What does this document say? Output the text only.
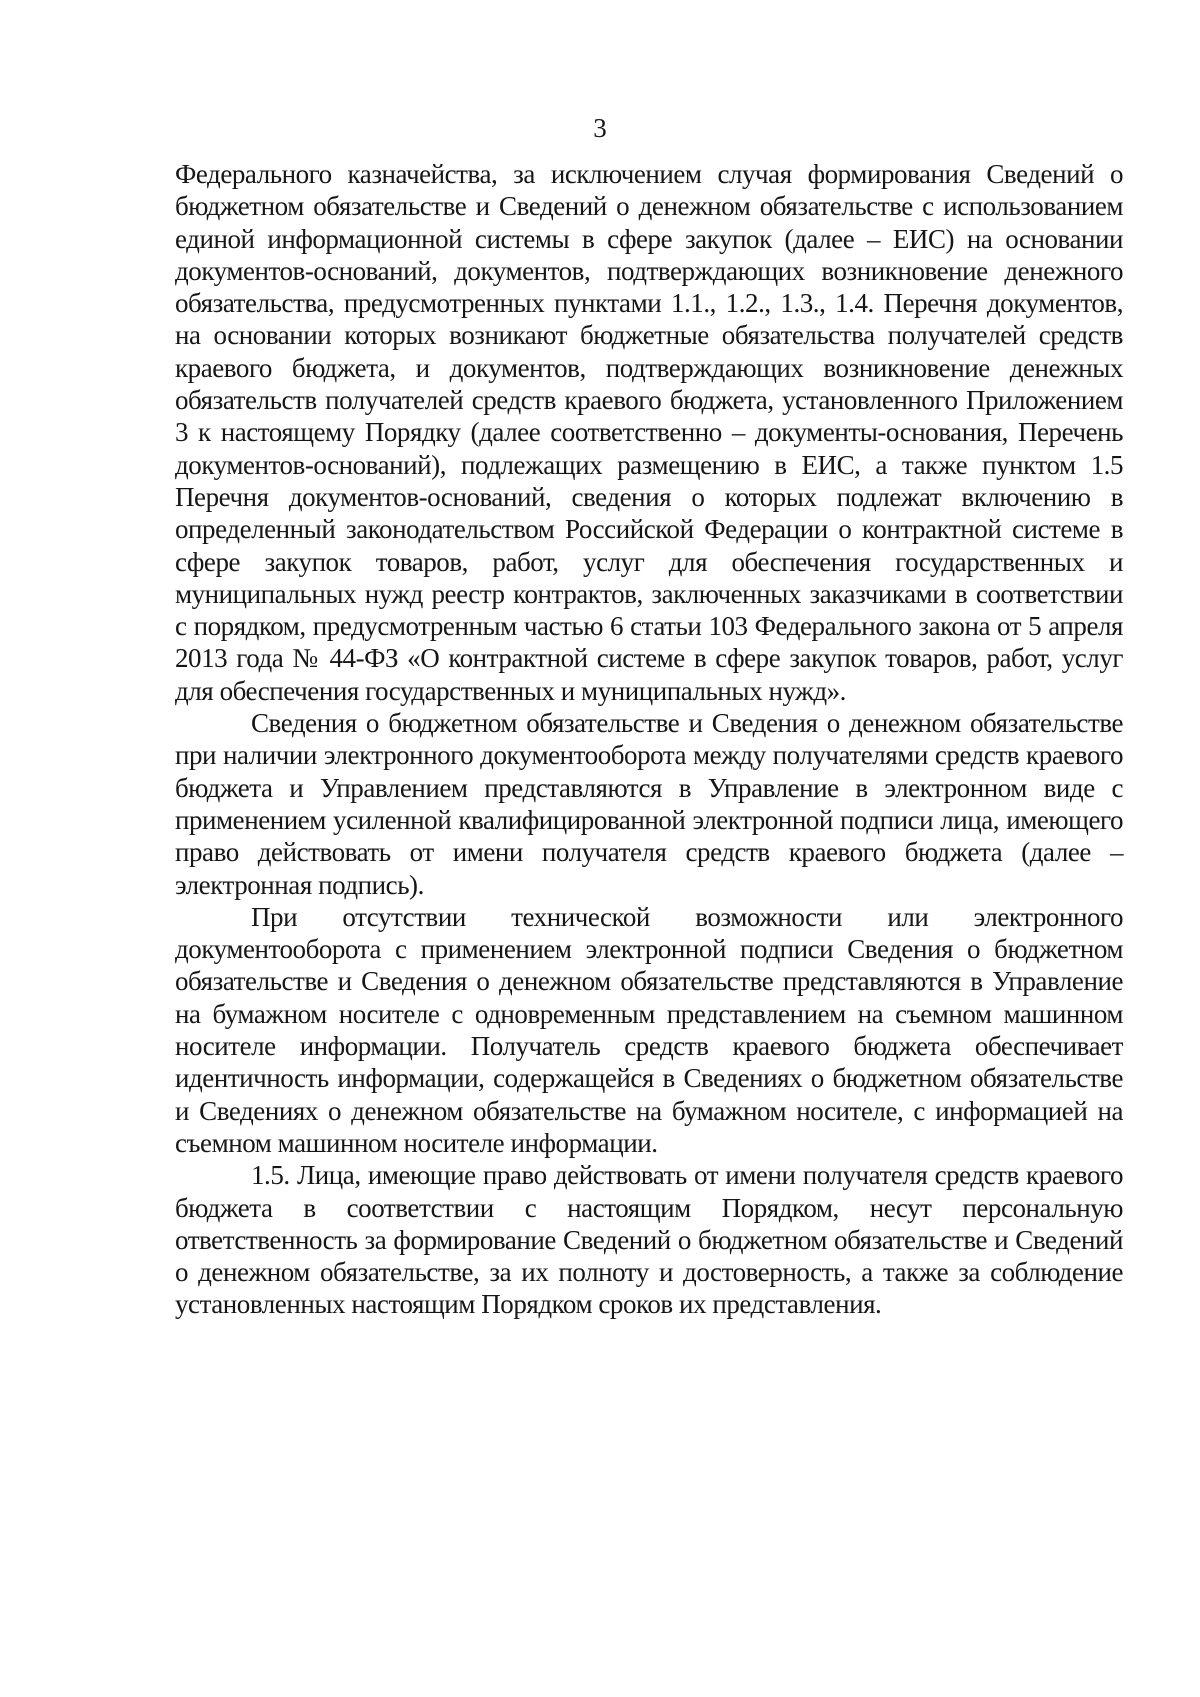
3

Федерального казначейства, за исключением случая формирования Сведений о бюджетном обязательстве и Сведений о денежном обязательстве с использованием единой информационной системы в сфере закупок (далее – ЕИС) на основании документов-оснований, документов, подтверждающих возникновение денежного обязательства, предусмотренных пунктами 1.1., 1.2., 1.3., 1.4. Перечня документов, на основании которых возникают бюджетные обязательства получателей средств краевого бюджета, и документов, подтверждающих возникновение денежных обязательств получателей средств краевого бюджета, установленного Приложением 3 к настоящему Порядку (далее соответственно – документы-основания, Перечень документов-оснований), подлежащих размещению в ЕИС, а также пунктом 1.5 Перечня документов-оснований, сведения о которых подлежат включению в определенный законодательством Российской Федерации о контрактной системе в сфере закупок товаров, работ, услуг для обеспечения государственных и муниципальных нужд реестр контрактов, заключенных заказчиками в соответствии с порядком, предусмотренным частью 6 статьи 103 Федерального закона от 5 апреля 2013 года № 44-ФЗ «О контрактной системе в сфере закупок товаров, работ, услуг для обеспечения государственных и муниципальных нужд».

Сведения о бюджетном обязательстве и Сведения о денежном обязательстве при наличии электронного документооборота между получателями средств краевого бюджета и Управлением представляются в Управление в электронном виде с применением усиленной квалифицированной электронной подписи лица, имеющего право действовать от имени получателя средств краевого бюджета (далее – электронная подпись).

При отсутствии технической возможности или электронного документооборота с применением электронной подписи Сведения о бюджетном обязательстве и Сведения о денежном обязательстве представляются в Управление на бумажном носителе с одновременным представлением на съемном машинном носителе информации. Получатель средств краевого бюджета обеспечивает идентичность информации, содержащейся в Сведениях о бюджетном обязательстве и Сведениях о денежном обязательстве на бумажном носителе, с информацией на съемном машинном носителе информации.

1.5. Лица, имеющие право действовать от имени получателя средств краевого бюджета в соответствии с настоящим Порядком, несут персональную ответственность за формирование Сведений о бюджетном обязательстве и Сведений о денежном обязательстве, за их полноту и достоверность, а также за соблюдение установленных настоящим Порядком сроков их представления.
